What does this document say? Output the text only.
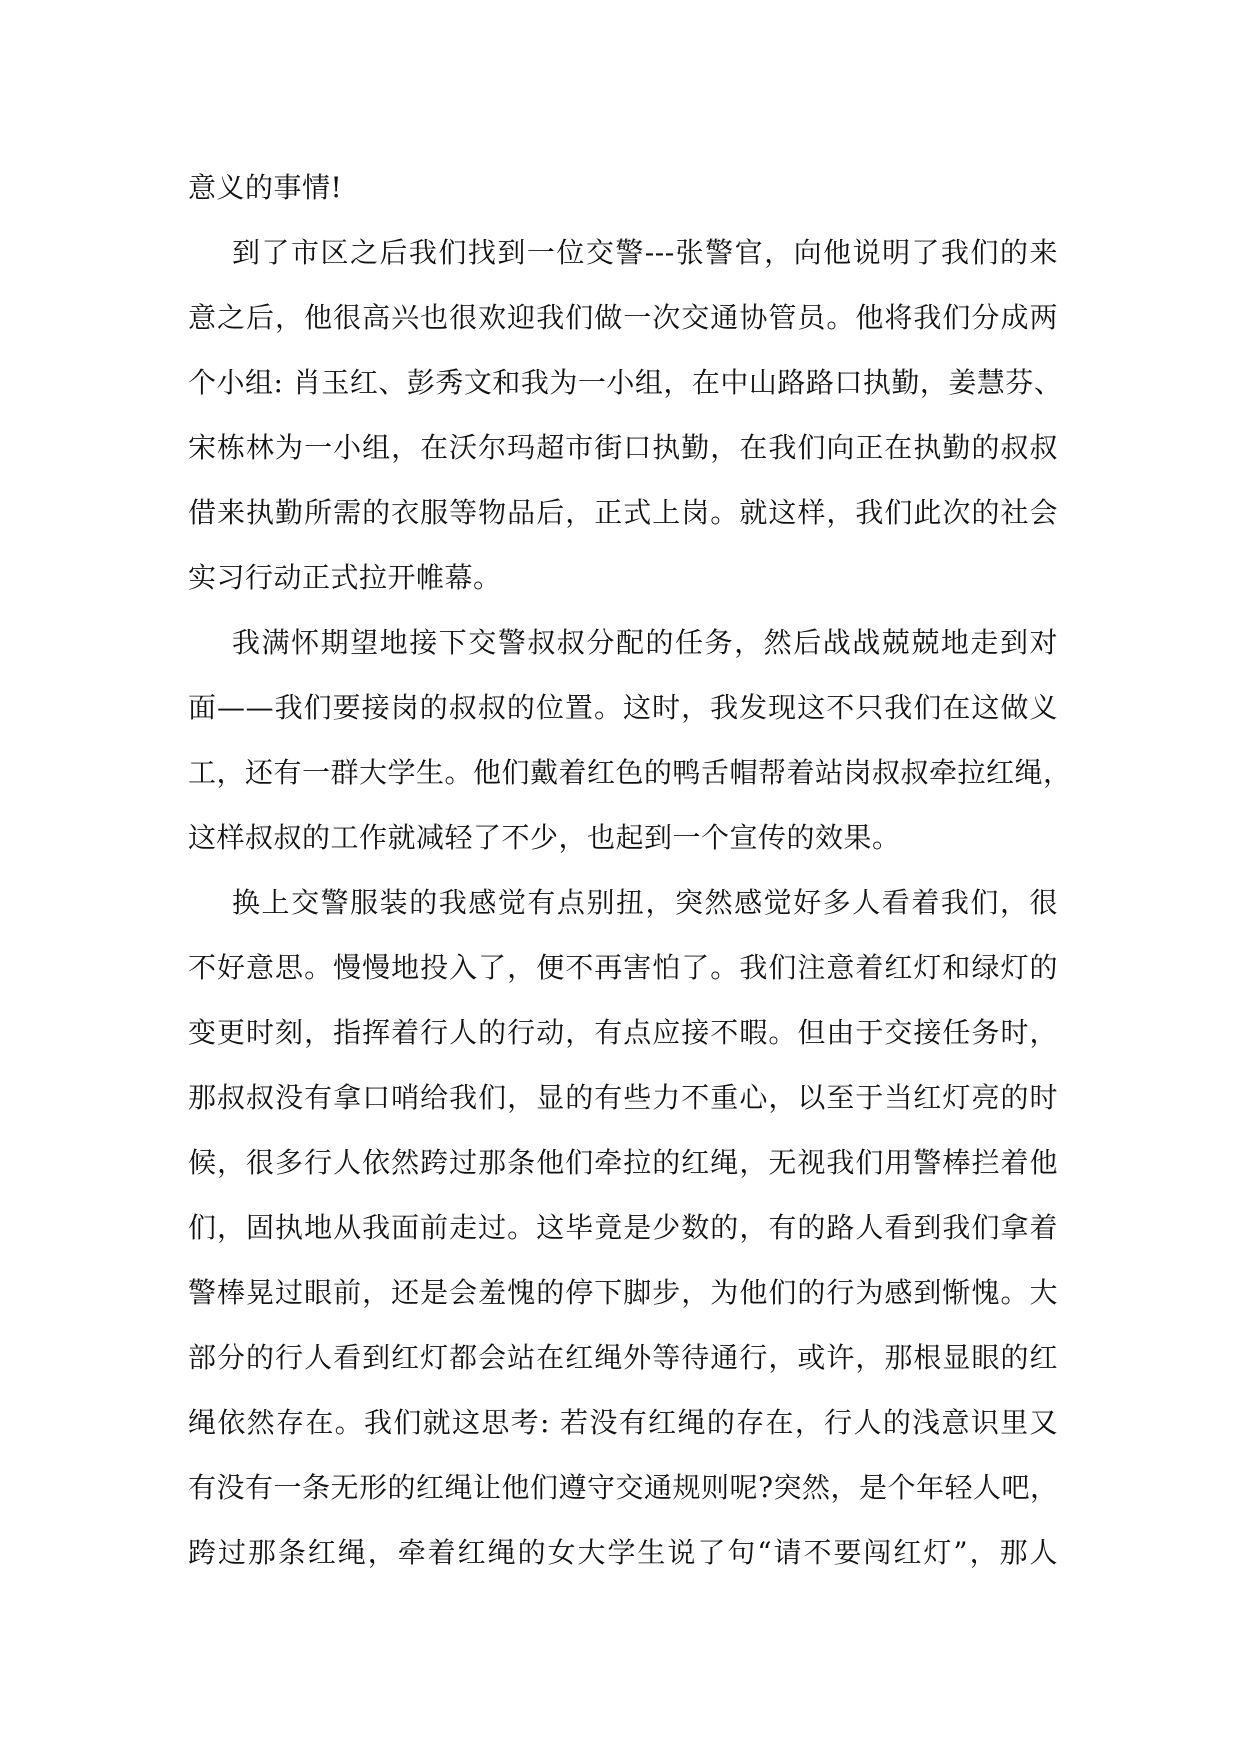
意义的事情!
到了市区之后我们找到一位交警---张警官，向他说明了我们的来
意之后，他很高兴也很欢迎我们做一次交通协管员。他将我们分成两
个小组: 肖玉红、彭秀文和我为一小组，在中山路路口执勤，姜慧芬、
宋栋林为一小组，在沃尔玛超市街口执勤，在我们向正在执勤的叔叔
借来执勤所需的衣服等物品后，正式上岗。就这样，我们此次的社会
实习行动正式拉开帷幕。
我满怀期望地接下交警叔叔分配的任务，然后战战兢兢地走到对
面——我们要接岗的叔叔的位置。这时，我发现这不只我们在这做义
工，还有一群大学生。他们戴着红色的鸭舌帽帮着站岗叔叔牵拉红绳，
这样叔叔的工作就减轻了不少，也起到一个宣传的效果。
换上交警服装的我感觉有点别扭，突然感觉好多人看着我们，很
不好意思。慢慢地投入了，便不再害怕了。我们注意着红灯和绿灯的
变更时刻，指挥着行人的行动，有点应接不暇。但由于交接任务时，
那叔叔没有拿口哨给我们，显的有些力不重心，以至于当红灯亮的时
候，很多行人依然跨过那条他们牵拉的红绳，无视我们用警棒拦着他
们，固执地从我面前走过。这毕竟是少数的，有的路人看到我们拿着
警棒晃过眼前，还是会羞愧的停下脚步，为他们的行为感到惭愧。大
部分的行人看到红灯都会站在红绳外等待通行，或许，那根显眼的红
绳依然存在。我们就这思考: 若没有红绳的存在，行人的浅意识里又
有没有一条无形的红绳让他们遵守交通规则呢?突然，是个年轻人吧，
跨过那条红绳，牵着红绳的女大学生说了句“请不要闯红灯”，那人
